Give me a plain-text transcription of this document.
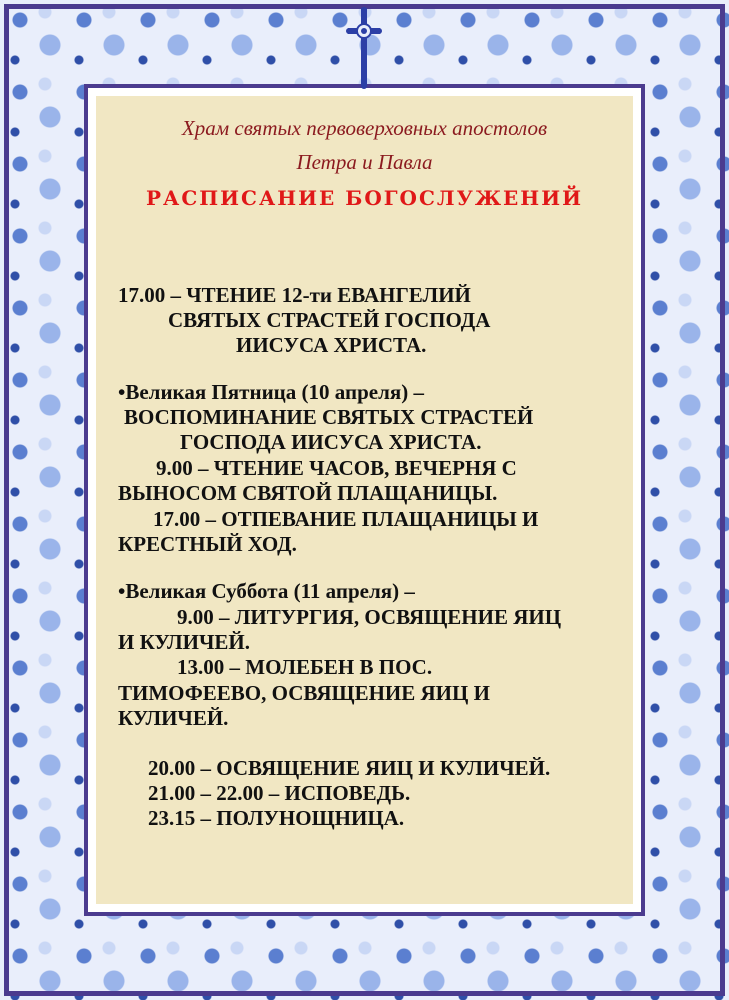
Храм святых первоверховных апостолов
Петра и Павла
РАСПИСАНИЕ БОГОСЛУЖЕНИЙ
17.00 – ЧТЕНИЕ 12-ти ЕВАНГЕЛИЙ
СВЯТЫХ СТРАСТЕЙ ГОСПОДА
ИИСУСА ХРИСТА.
•Великая Пятница (10 апреля) –
ВОСПОМИНАНИЕ СВЯТЫХ СТРАСТЕЙ
ГОСПОДА ИИСУСА ХРИСТА.
9.00 – ЧТЕНИЕ ЧАСОВ, ВЕЧЕРНЯ С
ВЫНОСОМ СВЯТОЙ ПЛАЩАНИЦЫ.
17.00 – ОТПЕВАНИЕ ПЛАЩАНИЦЫ И
КРЕСТНЫЙ ХОД.
•Великая Суббота (11 апреля) –
9.00 – ЛИТУРГИЯ, ОСВЯЩЕНИЕ ЯИЦ
И КУЛИЧЕЙ.
13.00 – МОЛЕБЕН В ПОС.
ТИМОФЕЕВО, ОСВЯЩЕНИЕ ЯИЦ И
КУЛИЧЕЙ.
20.00 – ОСВЯЩЕНИЕ ЯИЦ И КУЛИЧЕЙ.
21.00 – 22.00 – ИСПОВЕДЬ.
23.15 – ПОЛУНОЩНИЦА.
